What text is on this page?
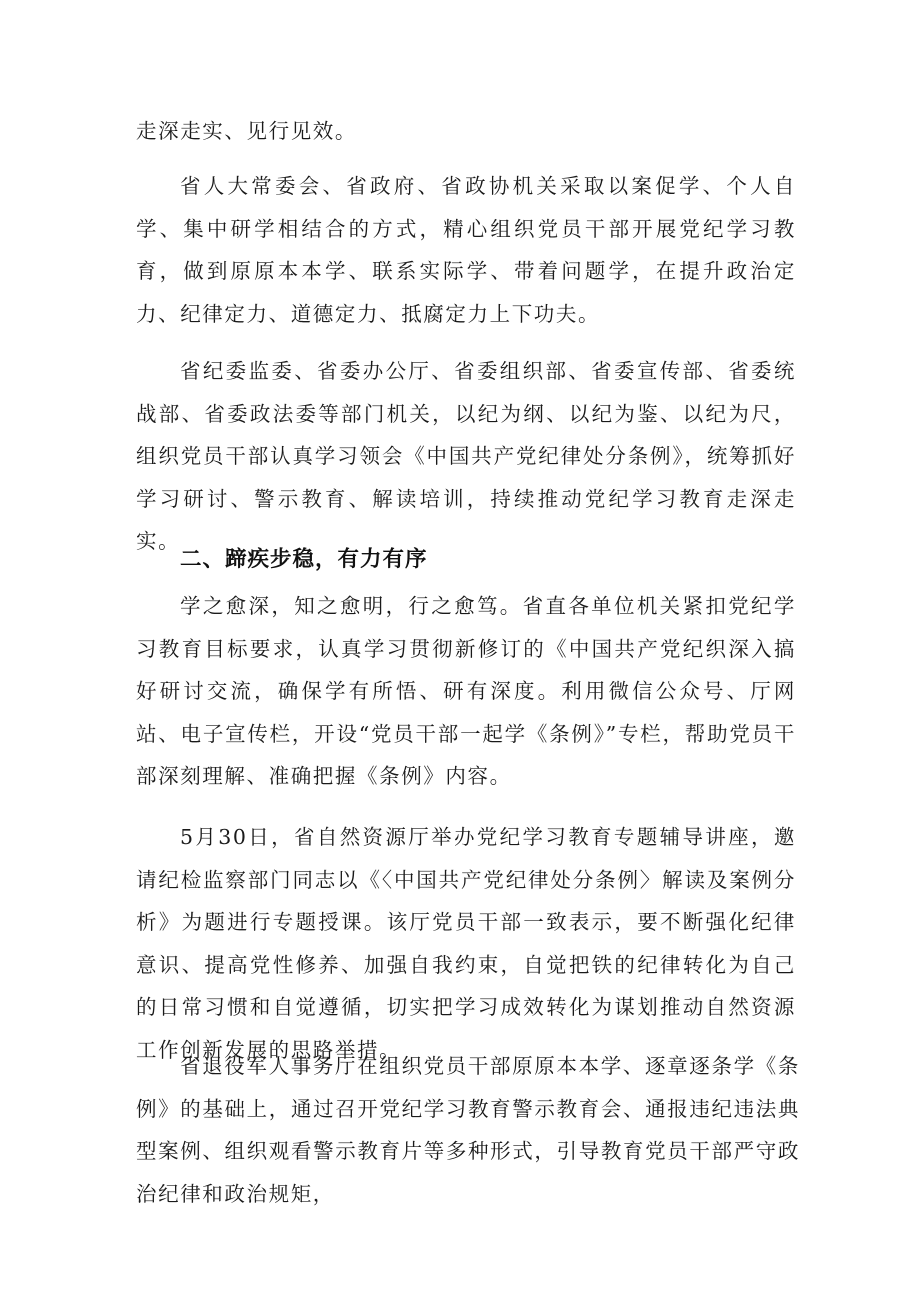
走深走实、见行见效。

省人大常委会、省政府、省政协机关采取以案促学、个人自学、集中研学相结合的方式，精心组织党员干部开展党纪学习教育，做到原原本本学、联系实际学、带着问题学，在提升政治定力、纪律定力、道德定力、抵腐定力上下功夫。

省纪委监委、省委办公厅、省委组织部、省委宣传部、省委统战部、省委政法委等部门机关，以纪为纲、以纪为鉴、以纪为尺，组织党员干部认真学习领会《中国共产党纪律处分条例》，统筹抓好学习研讨、警示教育、解读培训，持续推动党纪学习教育走深走实。

二、蹄疾步稳，有力有序

学之愈深，知之愈明，行之愈笃。省直各单位机关紧扣党纪学习教育目标要求，认真学习贯彻新修订的《中国共产党纪织深入搞好研讨交流，确保学有所悟、研有深度。利用微信公众号、厅网站、电子宣传栏，开设“党员干部一起学《条例》”专栏，帮助党员干部深刻理解、准确把握《条例》内容。

5月30日，省自然资源厅举办党纪学习教育专题辅导讲座，邀请纪检监察部门同志以《〈中国共产党纪律处分条例〉解读及案例分析》为题进行专题授课。该厅党员干部一致表示，要不断强化纪律意识、提高党性修养、加强自我约束，自觉把铁的纪律转化为自己的日常习惯和自觉遵循，切实把学习成效转化为谋划推动自然资源工作创新发展的思路举措。

省退役军人事务厅在组织党员干部原原本本学、逐章逐条学《条例》的基础上，通过召开党纪学习教育警示教育会、通报违纪违法典型案例、组织观看警示教育片等多种形式，引导教育党员干部严守政治纪律和政治规矩，
